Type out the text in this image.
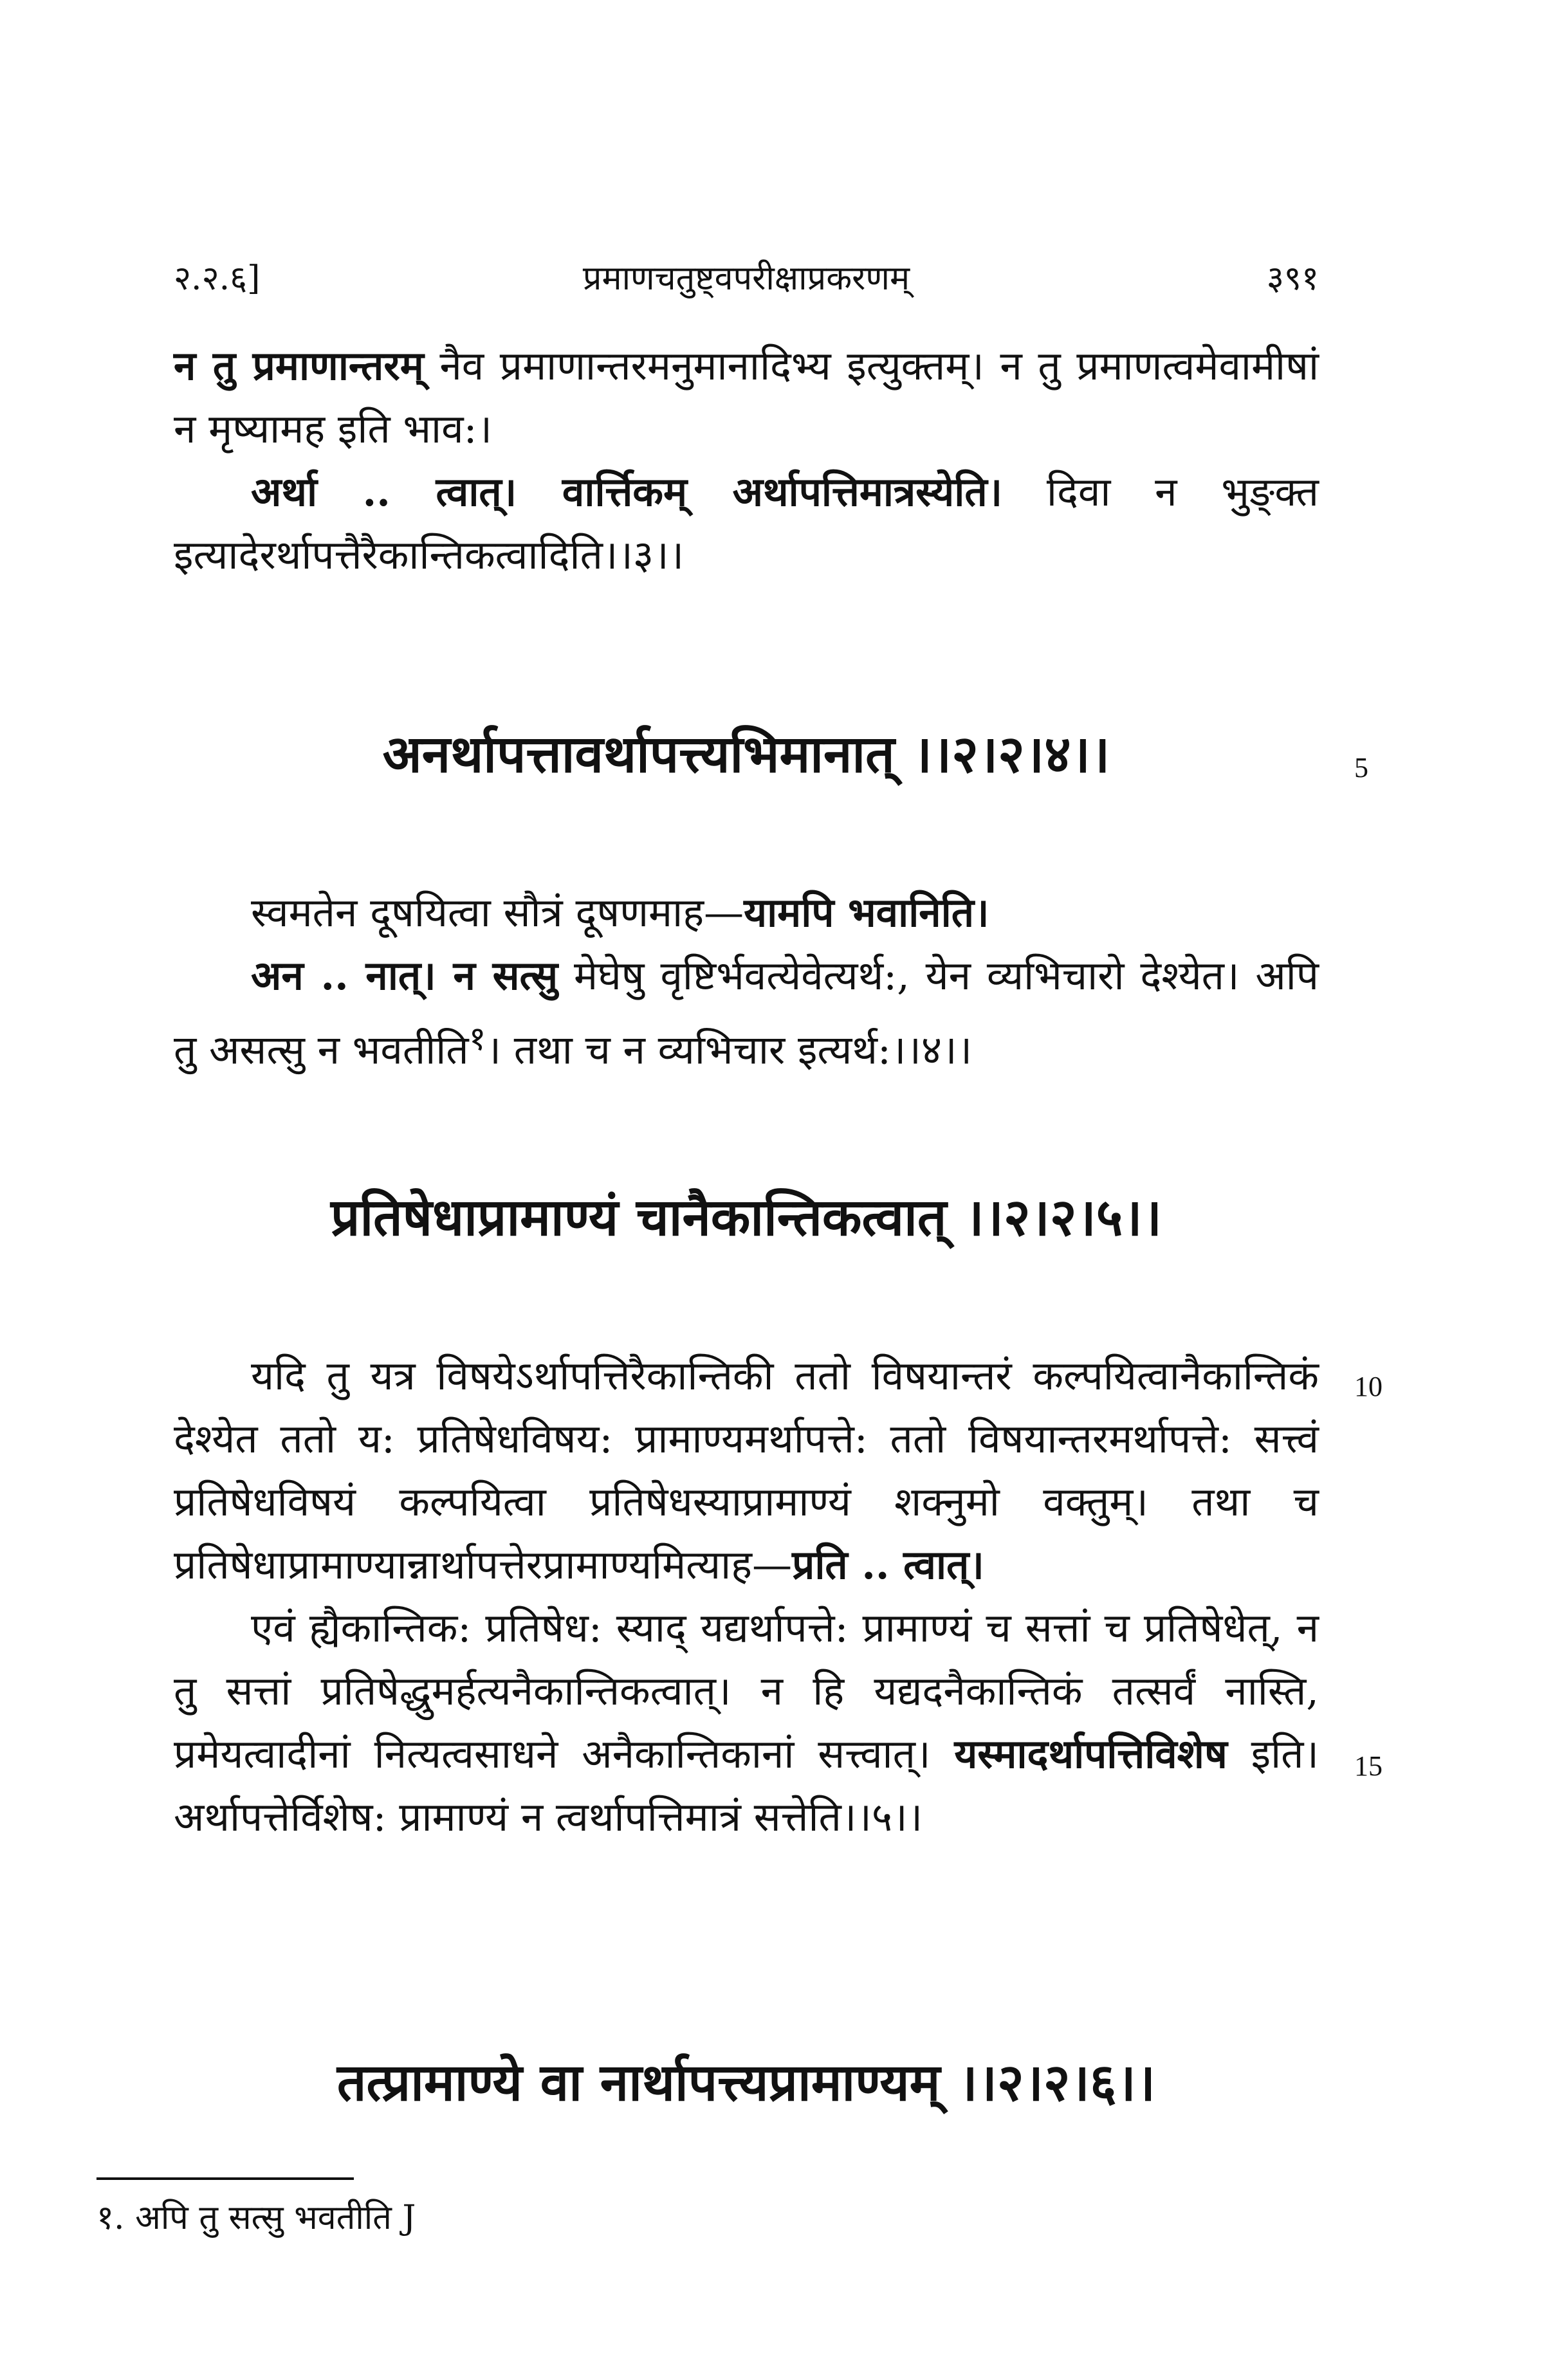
२.२.६]	प्रमाणचतुष्ट्वपरीक्षाप्रकरणम्	३९१

न तु प्रमाणान्तरम् नैव प्रमाणान्तरमनुमानादिभ्य इत्युक्तम्। न तु प्रमाणत्वमेवामीषां न मृष्यामह इति भाव:।

अर्था .. त्वात्। वार्त्तिकम् अर्थापत्तिमात्रस्येति। दिवा न भुङ्क्त इत्यादेरर्थापत्तैरैकान्तिकत्वादिति।।३।।

अनर्थापत्तावर्थापत्त्यभिमानात् ।।२।२।४।।	5

स्वमतेन दूषयित्वा सौत्रं दूषणमाह—यामपि भवानिति।

अन .. नात्। न सत्सु मेघेषु वृष्टिर्भवत्येवेत्यर्थ:, येन व्यभिचारो देश्येत। अपि तु असत्सु न भवतीति$^१$। तथा च न व्यभिचार इत्यर्थ:।।४।।

प्रतिषेधाप्रामाण्यं चानैकान्तिकत्वात् ।।२।२।५।।

यदि तु यत्र विषयेऽर्थापत्तिरैकान्तिकी ततो विषयान्तरं कल्पयित्वानैकान्तिकं देश्येत ततो य: प्रतिषेधविषय: प्रामाण्यमर्थापत्ते: ततो विषयान्तरमर्थापत्ते: सत्त्वं प्रतिषेधविषयं कल्पयित्वा प्रतिषेधस्याप्रामाण्यं शक्नुमो वक्तुम्। तथा च प्रतिषेधाप्रामाण्यान्नार्थापत्तेरप्रामाण्यमित्याह—प्रति .. त्वात्।

एवं ह्यैकान्तिक: प्रतिषेध: स्याद् यद्यर्थापत्ते: प्रामाण्यं च सत्तां च प्रतिषेधेत्, न तु सत्तां प्रतिषेद्धुमर्हत्यनैकान्तिकत्वात्। न हि यद्यदनैकान्तिकं तत्सर्वं नास्ति, प्रमेयत्वादीनां नित्यत्वसाधने अनैकान्तिकानां सत्त्वात्। यस्मादर्थापत्तिविशेष इति। अर्थापत्तेर्विशेष: प्रामाण्यं न त्वर्थापत्तिमात्रं सत्तेति।।५।।

10
15
तत्प्रामाण्ये वा नार्थापत्त्यप्रामाण्यम् ।।२।२।६।।
१. अपि तु सत्सु भवतीति J
